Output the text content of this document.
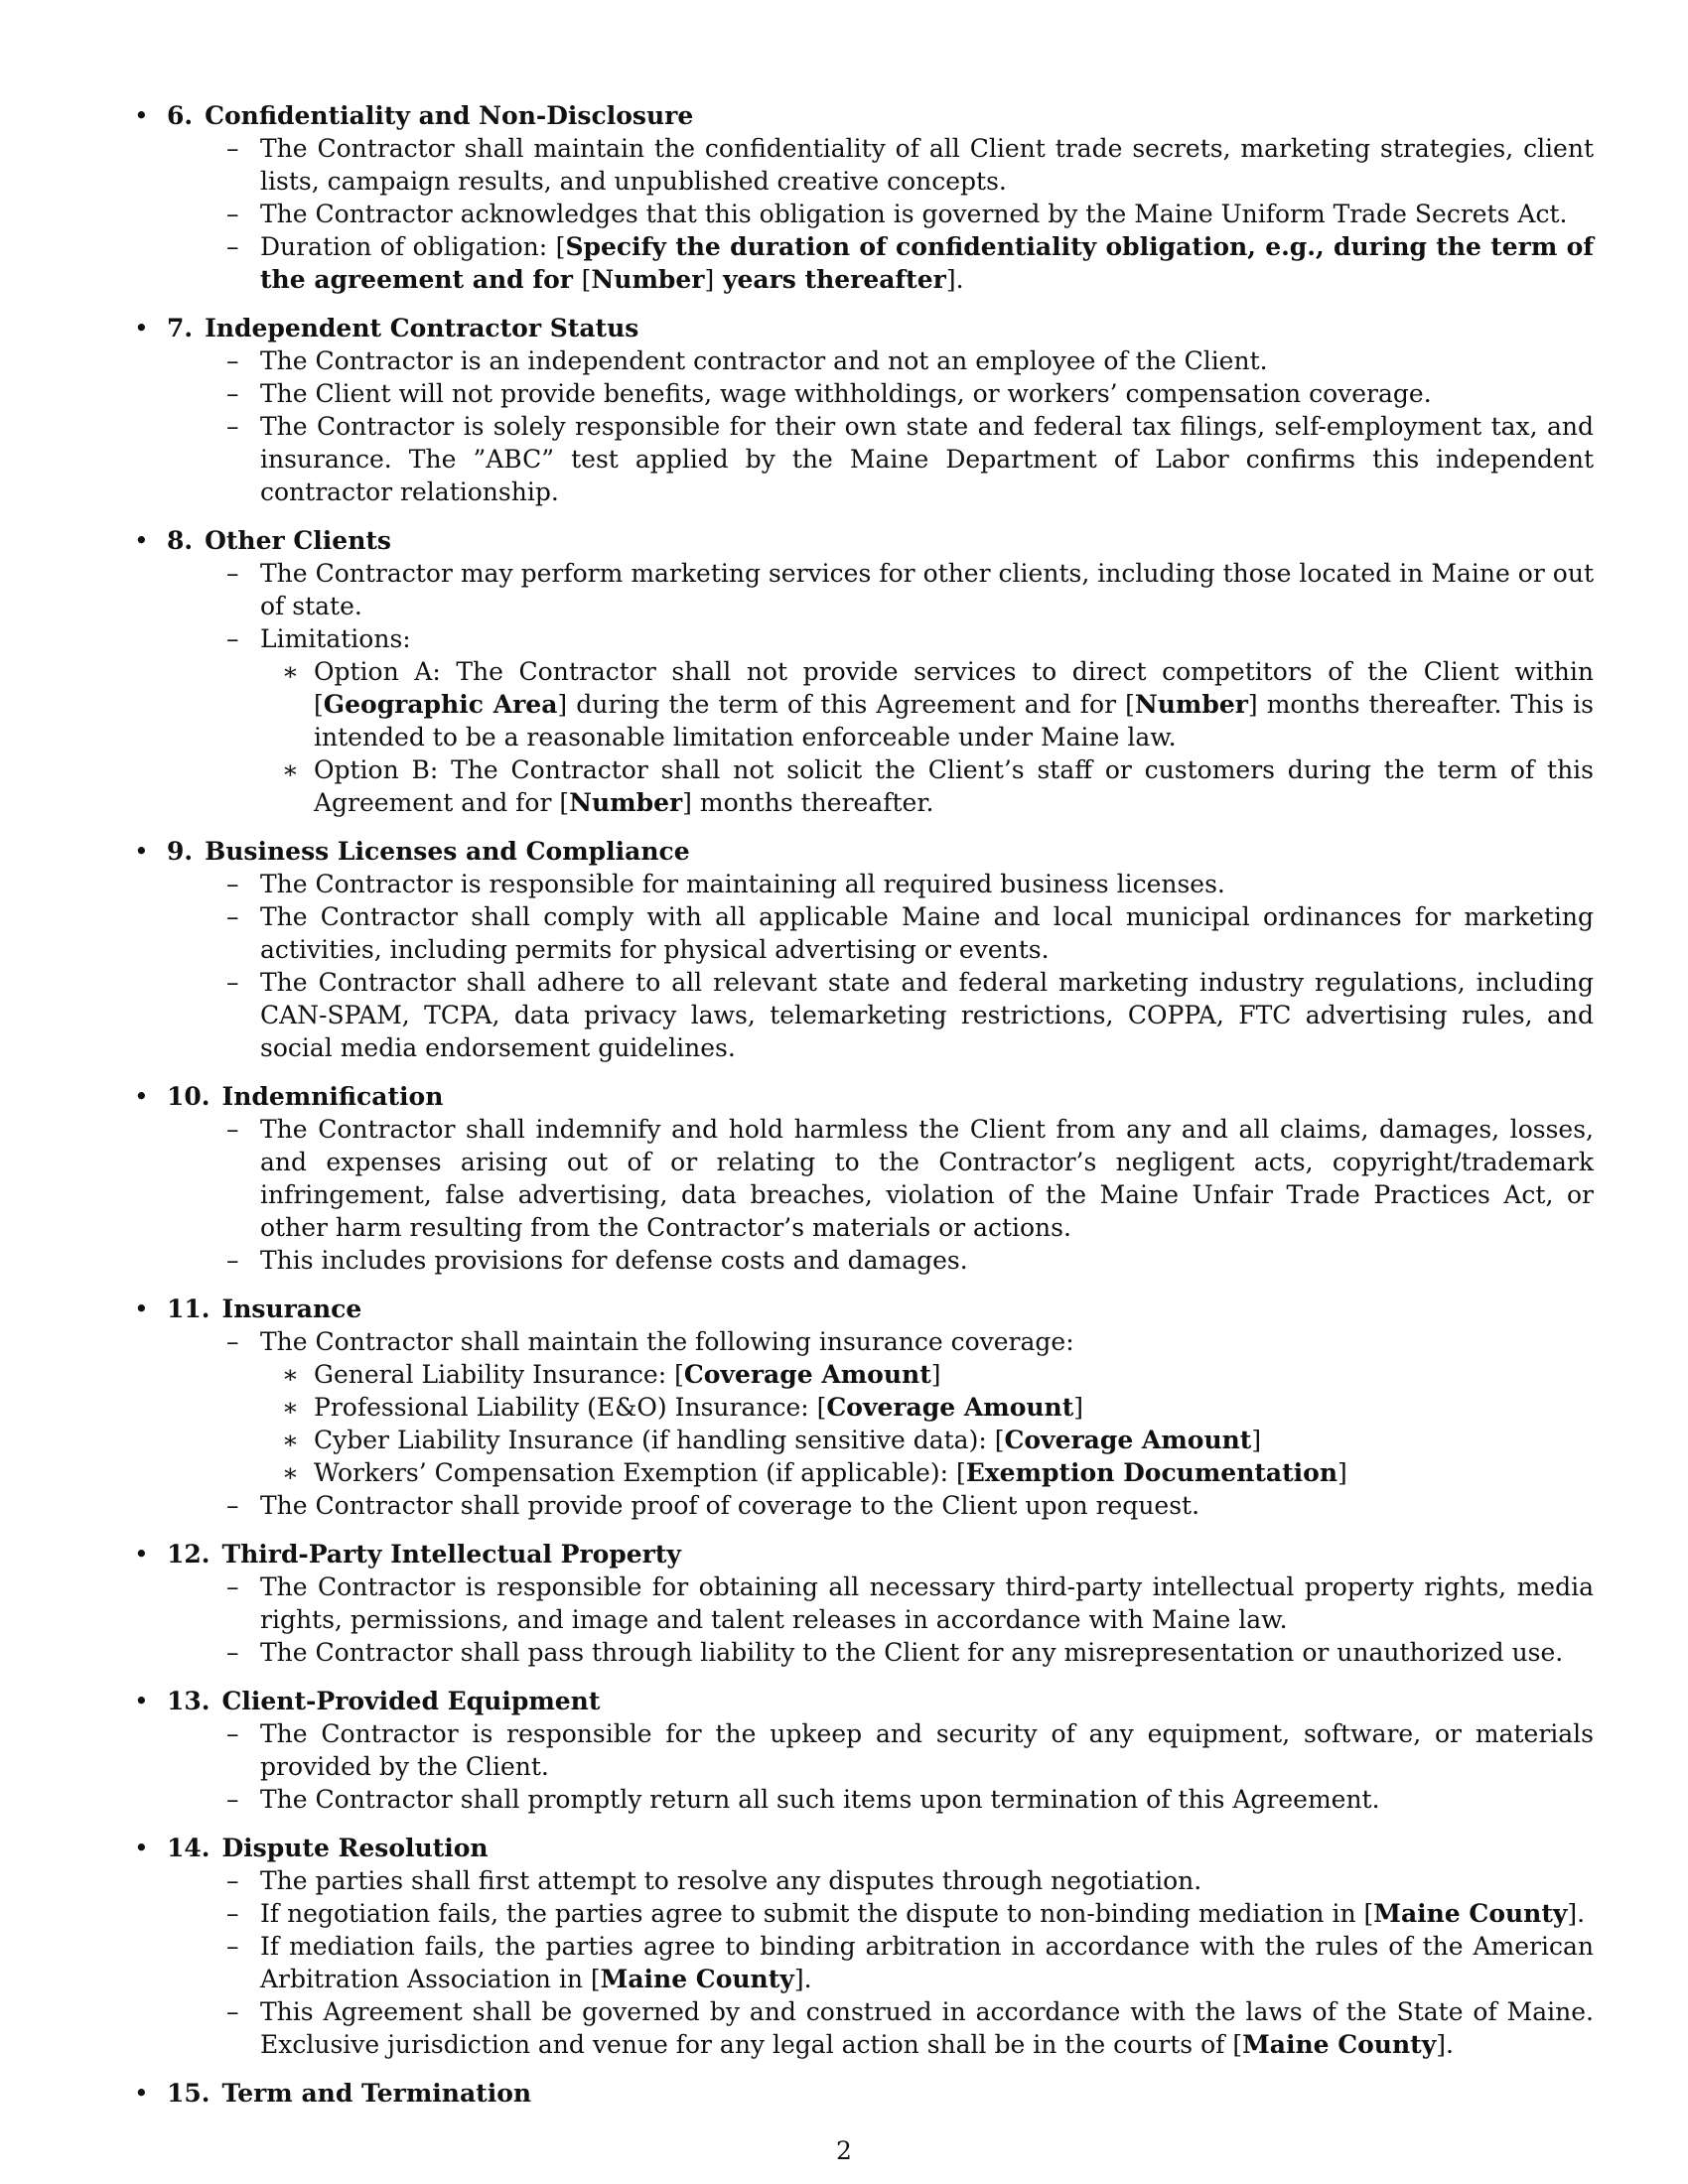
• 6. Confidentiality and Non-Disclosure
– The Contractor shall maintain the confidentiality of all Client trade secrets, marketing strategies, client lists, campaign results, and unpublished creative concepts.
– The Contractor acknowledges that this obligation is governed by the Maine Uniform Trade Secrets Act.
– Duration of obligation: [Specify the duration of confidentiality obligation, e.g., during the term of the agreement and for [Number] years thereafter].
• 7. Independent Contractor Status
– The Contractor is an independent contractor and not an employee of the Client.
– The Client will not provide benefits, wage withholdings, or workers’ compensation coverage.
– The Contractor is solely responsible for their own state and federal tax filings, self-employment tax, and insurance. The ”ABC” test applied by the Maine Department of Labor confirms this independent contractor relationship.
• 8. Other Clients
– The Contractor may perform marketing services for other clients, including those located in Maine or out of state.
– Limitations:
∗ Option A: The Contractor shall not provide services to direct competitors of the Client within [Geographic Area] during the term of this Agreement and for [Number] months thereafter. This is intended to be a reasonable limitation enforceable under Maine law.
∗ Option B: The Contractor shall not solicit the Client’s staff or customers during the term of this Agreement and for [Number] months thereafter.
• 9. Business Licenses and Compliance
– The Contractor is responsible for maintaining all required business licenses.
– The Contractor shall comply with all applicable Maine and local municipal ordinances for marketing activities, including permits for physical advertising or events.
– The Contractor shall adhere to all relevant state and federal marketing industry regulations, including CAN-SPAM, TCPA, data privacy laws, telemarketing restrictions, COPPA, FTC advertising rules, and social media endorsement guidelines.
• 10. Indemnification
– The Contractor shall indemnify and hold harmless the Client from any and all claims, damages, losses, and expenses arising out of or relating to the Contractor’s negligent acts, copyright/trademark infringement, false advertising, data breaches, violation of the Maine Unfair Trade Practices Act, or other harm resulting from the Contractor’s materials or actions.
– This includes provisions for defense costs and damages.
• 11. Insurance
– The Contractor shall maintain the following insurance coverage:
∗ General Liability Insurance: [Coverage Amount]
∗ Professional Liability (E&O) Insurance: [Coverage Amount]
∗ Cyber Liability Insurance (if handling sensitive data): [Coverage Amount]
∗ Workers’ Compensation Exemption (if applicable): [Exemption Documentation]
– The Contractor shall provide proof of coverage to the Client upon request.
• 12. Third-Party Intellectual Property
– The Contractor is responsible for obtaining all necessary third-party intellectual property rights, media rights, permissions, and image and talent releases in accordance with Maine law.
– The Contractor shall pass through liability to the Client for any misrepresentation or unauthorized use.
• 13. Client-Provided Equipment
– The Contractor is responsible for the upkeep and security of any equipment, software, or materials provided by the Client.
– The Contractor shall promptly return all such items upon termination of this Agreement.
• 14. Dispute Resolution
– The parties shall first attempt to resolve any disputes through negotiation.
– If negotiation fails, the parties agree to submit the dispute to non-binding mediation in [Maine County].
– If mediation fails, the parties agree to binding arbitration in accordance with the rules of the American Arbitration Association in [Maine County].
– This Agreement shall be governed by and construed in accordance with the laws of the State of Maine. Exclusive jurisdiction and venue for any legal action shall be in the courts of [Maine County].
• 15. Term and Termination
2
